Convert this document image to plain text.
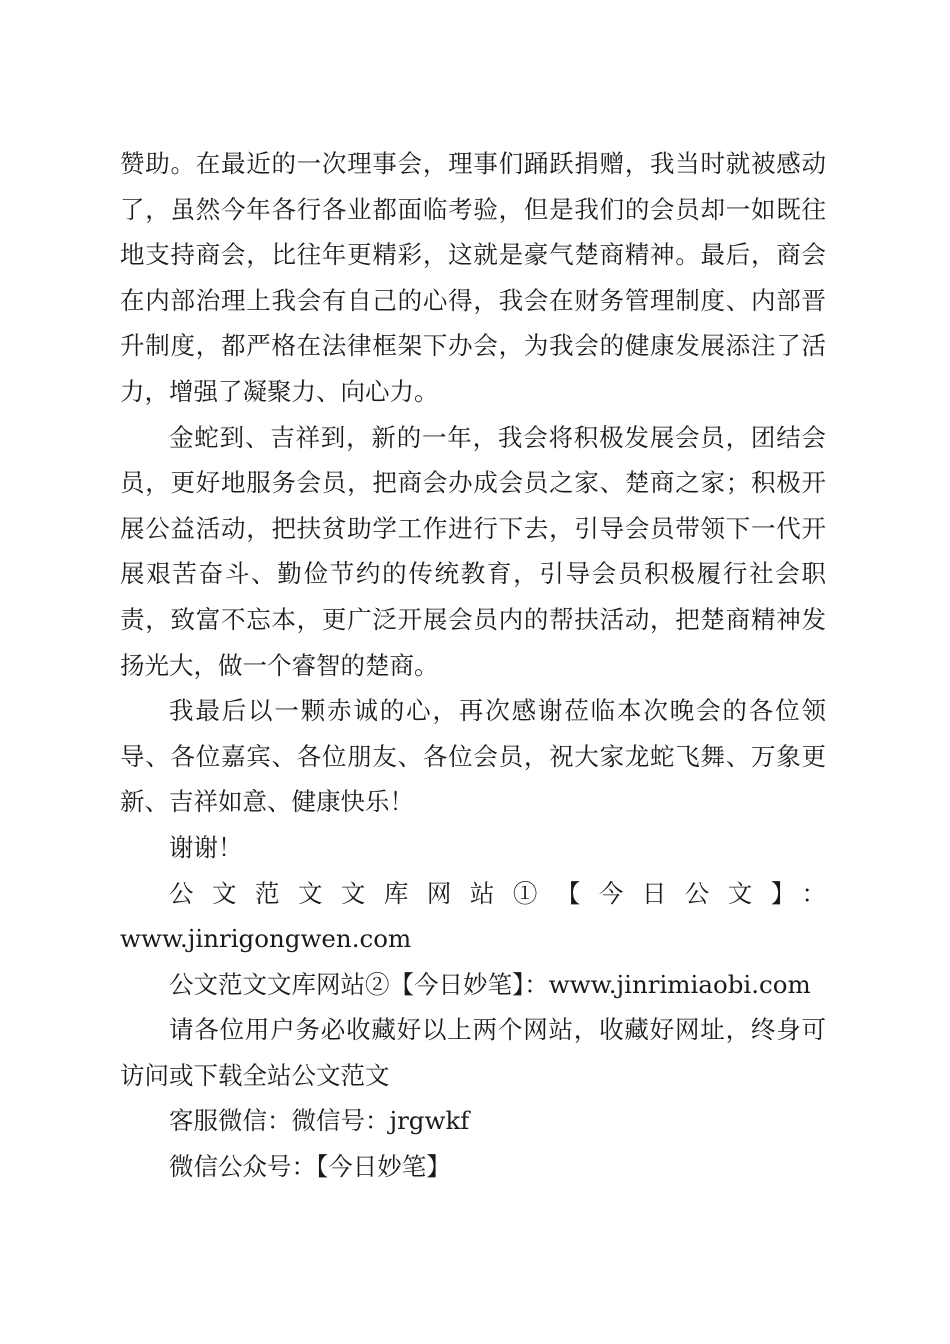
赞助。在最近的一次理事会，理事们踊跃捐赠，我当时就被感动了，虽然今年各行各业都面临考验，但是我们的会员却一如既往地支持商会，比往年更精彩，这就是豪气楚商精神。最后，商会在内部治理上我会有自己的心得，我会在财务管理制度、内部晋升制度，都严格在法律框架下办会，为我会的健康发展添注了活力，增强了凝聚力、向心力。

金蛇到、吉祥到，新的一年，我会将积极发展会员，团结会员，更好地服务会员，把商会办成会员之家、楚商之家；积极开展公益活动，把扶贫助学工作进行下去，引导会员带领下一代开展艰苦奋斗、勤俭节约的传统教育，引导会员积极履行社会职责，致富不忘本，更广泛开展会员内的帮扶活动，把楚商精神发扬光大，做一个睿智的楚商。

我最后以一颗赤诚的心，再次感谢莅临本次晚会的各位领导、各位嘉宾、各位朋友、各位会员，祝大家龙蛇飞舞、万象更新、吉祥如意、健康快乐！

谢谢！

公文范文文库网站①【今日公文】：

www.jinrigongwen.com

公文范文文库网站②【今日妙笔】：www.jinrimiaobi.com

请各位用户务必收藏好以上两个网站，收藏好网址，终身可访问或下载全站公文范文

客服微信：微信号：jrgwkf

微信公众号：【今日妙笔】
